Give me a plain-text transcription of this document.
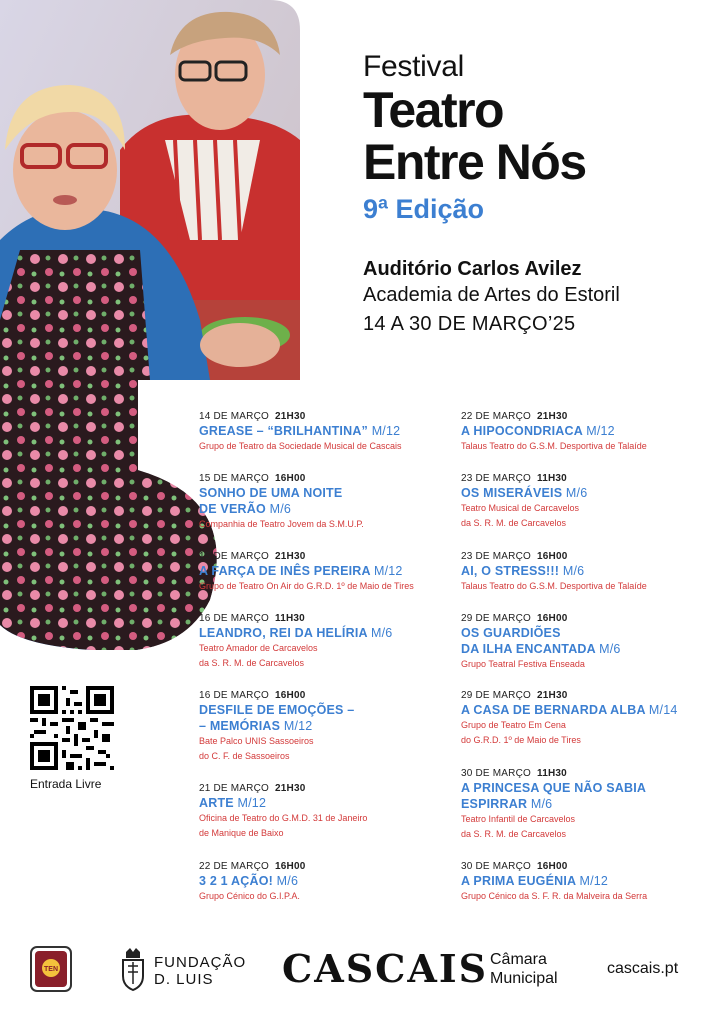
Festival
Teatro
Entre Nós
9ª Edição
Auditório Carlos Avilez
Academia de Artes do Estoril
14 A 30 DE MARÇO’25
14 DE MARÇO 21H30
GREASE – “BRILHANTINA” M/12
Grupo de Teatro da Sociedade Musical de Cascais
15 DE MARÇO 16H00
SONHO DE UMA NOITE
DE VERÃO M/6
Companhia de Teatro Jovem da S.M.U.P.
15 DE MARÇO 21H30
A FARÇA DE INÊS PEREIRA M/12
Grupo de Teatro On Air do G.R.D. 1º de Maio de Tires
16 DE MARÇO 11H30
LEANDRO, REI DA HELÍRIA M/6
Teatro Amador de Carcavelos
da S. R. M. de Carcavelos
16 DE MARÇO 16H00
DESFILE DE EMOÇÕES –
– MEMÓRIAS M/12
Bate Palco UNIS Sassoeiros
do C. F. de Sassoeiros
21 DE MARÇO 21H30
ARTE M/12
Oficina de Teatro do G.M.D. 31 de Janeiro
de Manique de Baixo
22 DE MARÇO 16H00
3 2 1 AÇÃO! M/6
Grupo Cénico do G.I.P.A.
22 DE MARÇO 21H30
A HIPOCONDRIACA M/12
Talaus Teatro do G.S.M. Desportiva de Talaíde
23 DE MARÇO 11H30
OS MISERÁVEIS M/6
Teatro Musical de Carcavelos
da S. R. M. de Carcavelos
23 DE MARÇO 16H00
AI, O STRESS!!! M/6
Talaus Teatro do G.S.M. Desportiva de Talaíde
29 DE MARÇO 16H00
OS GUARDIÕES
DA ILHA ENCANTADA M/6
Grupo Teatral Festiva Enseada
29 DE MARÇO 21H30
A CASA DE BERNARDA ALBA M/14
Grupo de Teatro Em Cena
do G.R.D. 1º de Maio de Tires
30 DE MARÇO 11H30
A PRINCESA QUE NÃO SABIA
ESPIRRAR M/6
Teatro Infantil de Carcavelos
da S. R. M. de Carcavelos
30 DE MARÇO 16H00
A PRIMA EUGÉNIA M/12
Grupo Cénico da S. F. R. da Malveira da Serra
Entrada Livre
TEN	FUNDAÇÃO
D. LUIS	CASCAIS Câmara
Municipal
cascais.pt
